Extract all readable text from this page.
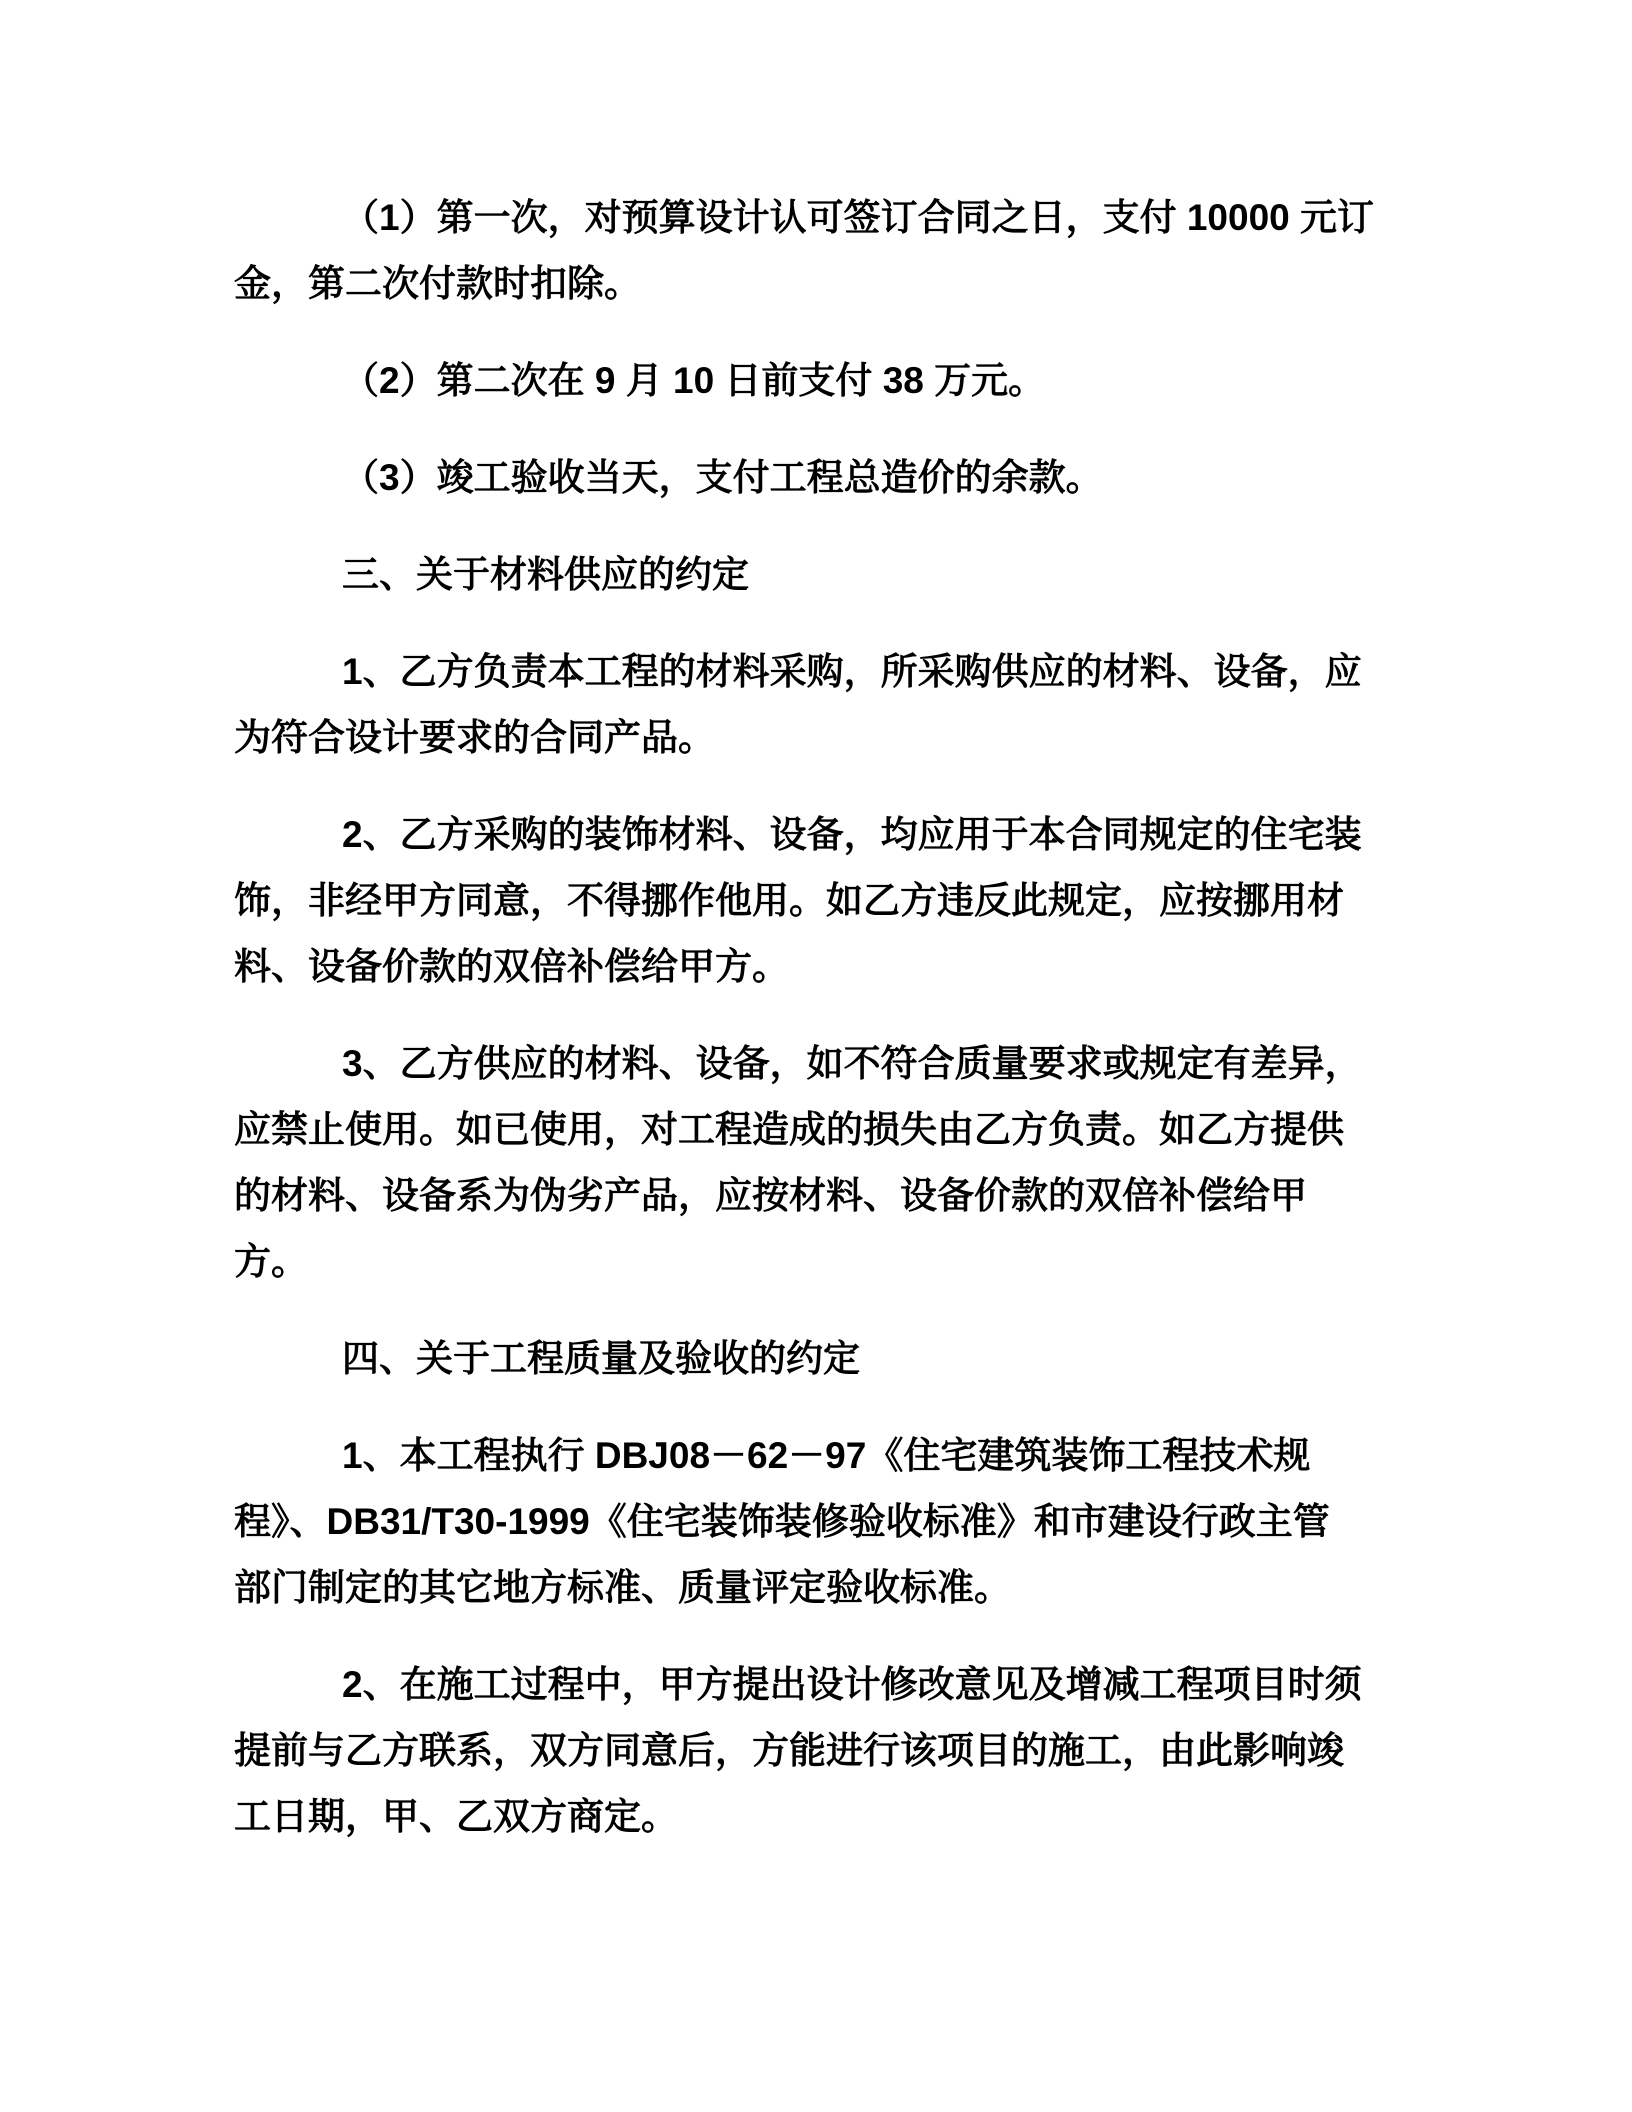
（1）第一次，对预算设计认可签订合同之日，支付 10000 元订
金，第二次付款时扣除。
（2）第二次在 9 月 10 日前支付 38 万元。
（3）竣工验收当天，支付工程总造价的余款。
三、关于材料供应的约定
1、乙方负责本工程的材料采购，所采购供应的材料、设备，应
为符合设计要求的合同产品。
2、乙方采购的装饰材料、设备，均应用于本合同规定的住宅装
饰，非经甲方同意，不得挪作他用。如乙方违反此规定，应按挪用材
料、设备价款的双倍补偿给甲方。
3、乙方供应的材料、设备，如不符合质量要求或规定有差异，
应禁止使用。如已使用，对工程造成的损失由乙方负责。如乙方提供
的材料、设备系为伪劣产品，应按材料、设备价款的双倍补偿给甲
方。
四、关于工程质量及验收的约定
1、本工程执行 DBJ08－62－97《住宅建筑装饰工程技术规
程》、DB31/T30-1999《住宅装饰装修验收标准》和市建设行政主管
部门制定的其它地方标准、质量评定验收标准。
2、在施工过程中，甲方提出设计修改意见及增减工程项目时须
提前与乙方联系，双方同意后，方能进行该项目的施工，由此影响竣
工日期，甲、乙双方商定。
